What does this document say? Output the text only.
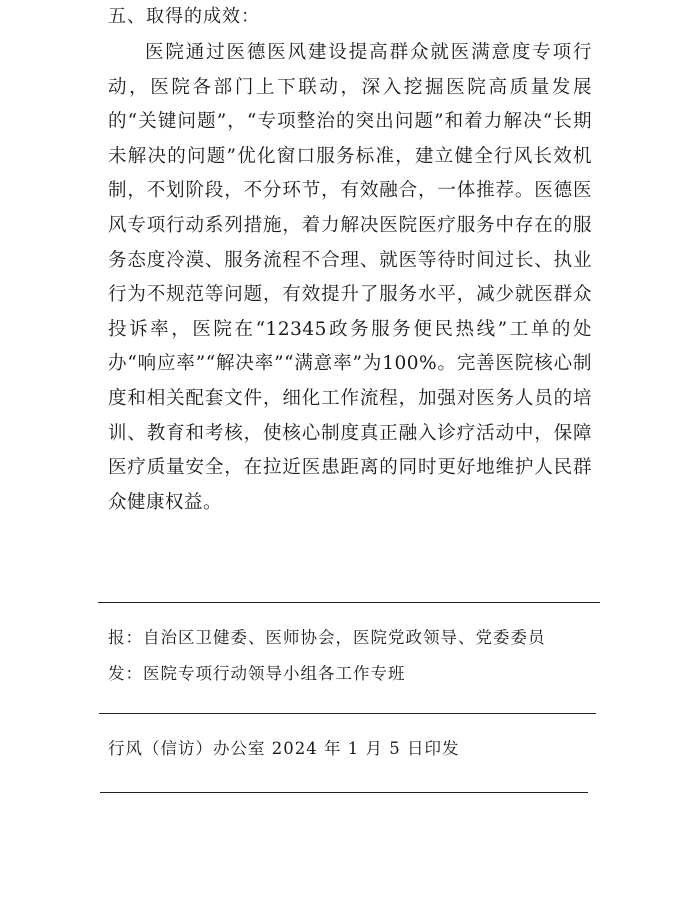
五、取得的成效：

医院通过医德医风建设提高群众就医满意度专项行动，医院各部门上下联动，深入挖掘医院高质量发展的“关键问题”，“专项整治的突出问题”和着力解决“长期未解决的问题”优化窗口服务标准，建立健全行风长效机制，不划阶段，不分环节，有效融合，一体推荐。医德医风专项行动系列措施，着力解决医院医疗服务中存在的服务态度冷漠、服务流程不合理、就医等待时间过长、执业行为不规范等问题，有效提升了服务水平，减少就医群众投诉率，医院在“12345政务服务便民热线”工单的处办“响应率”“解决率”“满意率”为100%。完善医院核心制度和相关配套文件，细化工作流程，加强对医务人员的培训、教育和考核，使核心制度真正融入诊疗活动中，保障医疗质量安全，在拉近医患距离的同时更好地维护人民群众健康权益。

报：自治区卫健委、医师协会，医院党政领导、党委委员

发：医院专项行动领导小组各工作专班

行风（信访）办公室 2024 年 1 月 5 日印发
